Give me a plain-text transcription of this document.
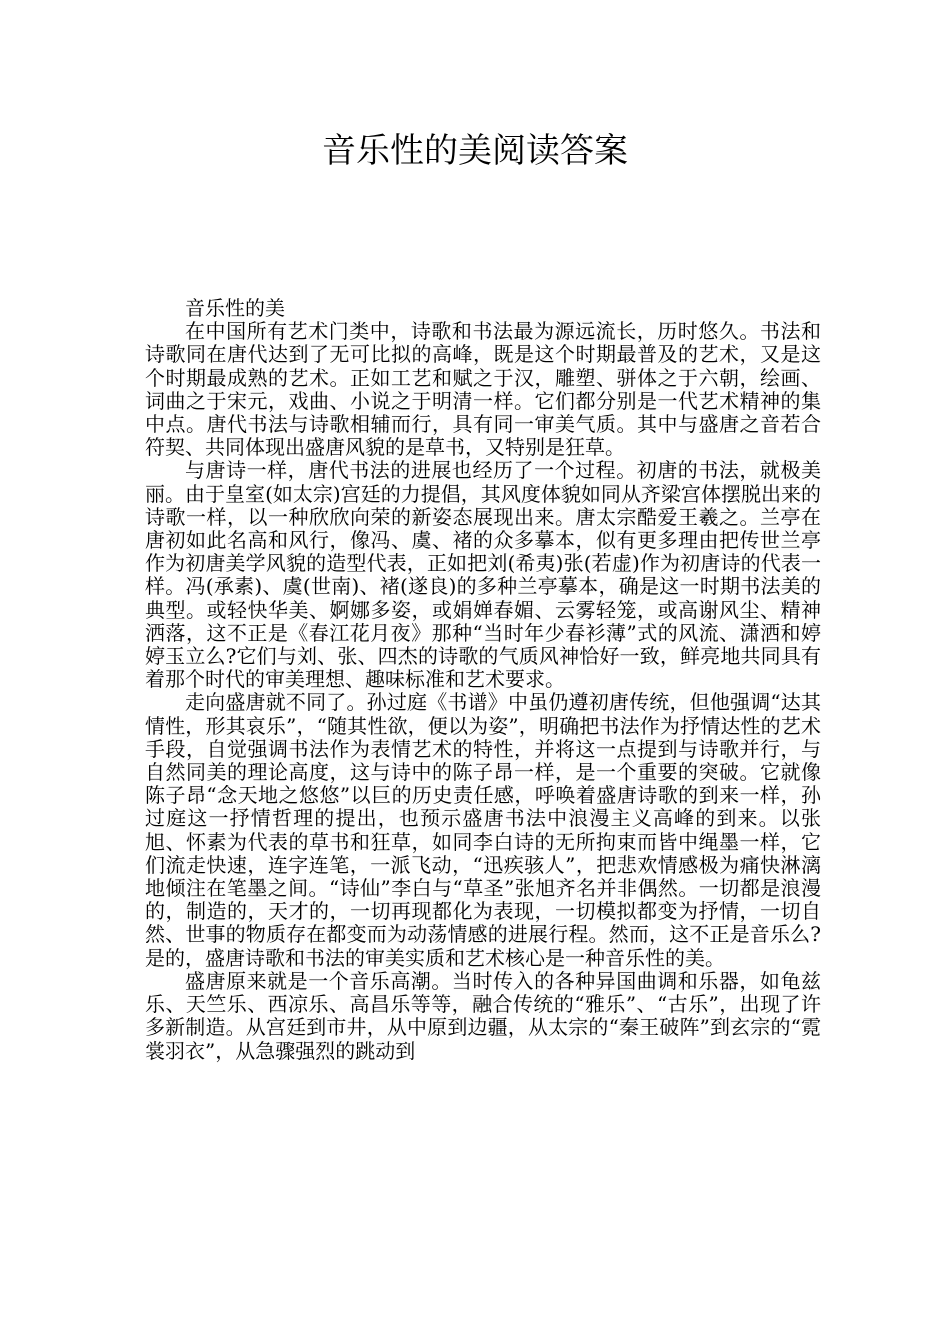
音乐性的美阅读答案

音乐性的美

在中国所有艺术门类中，诗歌和书法最为源远流长，历时悠久。书法和诗歌同在唐代达到了无可比拟的高峰，既是这个时期最普及的艺术，又是这个时期最成熟的艺术。正如工艺和赋之于汉，雕塑、骈体之于六朝，绘画、词曲之于宋元，戏曲、小说之于明清一样。它们都分别是一代艺术精神的集中点。唐代书法与诗歌相辅而行，具有同一审美气质。其中与盛唐之音若合符契、共同体现出盛唐风貌的是草书，又特别是狂草。

与唐诗一样，唐代书法的进展也经历了一个过程。初唐的书法，就极美丽。由于皇室(如太宗)宫廷的力提倡，其风度体貌如同从齐梁宫体摆脱出来的诗歌一样，以一种欣欣向荣的新姿态展现出来。唐太宗酷爱王羲之。兰亭在唐初如此名高和风行，像冯、虞、褚的众多摹本，似有更多理由把传世兰亭作为初唐美学风貌的造型代表，正如把刘(希夷)张(若虚)作为初唐诗的代表一样。冯(承素)、虞(世南)、褚(遂良)的多种兰亭摹本，确是这一时期书法美的典型。或轻快华美、婀娜多姿，或娟婵春媚、云雾轻笼，或高谢风尘、精神洒落，这不正是《春江花月夜》那种“当时年少春衫薄”式的风流、潇洒和婷婷玉立么?它们与刘、张、四杰的诗歌的气质风神恰好一致，鲜亮地共同具有着那个时代的审美理想、趣味标准和艺术要求。

走向盛唐就不同了。孙过庭《书谱》中虽仍遵初唐传统，但他强调“达其情性，形其哀乐”，“随其性欲，便以为姿”，明确把书法作为抒情达性的艺术手段，自觉强调书法作为表情艺术的特性，并将这一点提到与诗歌并行，与自然同美的理论高度，这与诗中的陈子昂一样，是一个重要的突破。它就像陈子昂“念天地之悠悠”以巨的历史责任感，呼唤着盛唐诗歌的到来一样，孙过庭这一抒情哲理的提出，也预示盛唐书法中浪漫主义高峰的到来。以张旭、怀素为代表的草书和狂草，如同李白诗的无所拘束而皆中绳墨一样，它们流走快速，连字连笔，一派飞动，“迅疾骇人”，把悲欢情感极为痛快淋漓地倾注在笔墨之间。“诗仙”李白与“草圣”张旭齐名并非偶然。一切都是浪漫的，制造的，天才的，一切再现都化为表现，一切模拟都变为抒情，一切自然、世事的物质存在都变而为动荡情感的进展行程。然而，这不正是音乐么?是的，盛唐诗歌和书法的审美实质和艺术核心是一种音乐性的美。

盛唐原来就是一个音乐高潮。当时传入的各种异国曲调和乐器，如龟兹乐、天竺乐、西凉乐、高昌乐等等，融合传统的“雅乐”、“古乐”，出现了许多新制造。从宫廷到市井，从中原到边疆，从太宗的“秦王破阵”到玄宗的“霓裳羽衣”，从急骤强烈的跳动到
